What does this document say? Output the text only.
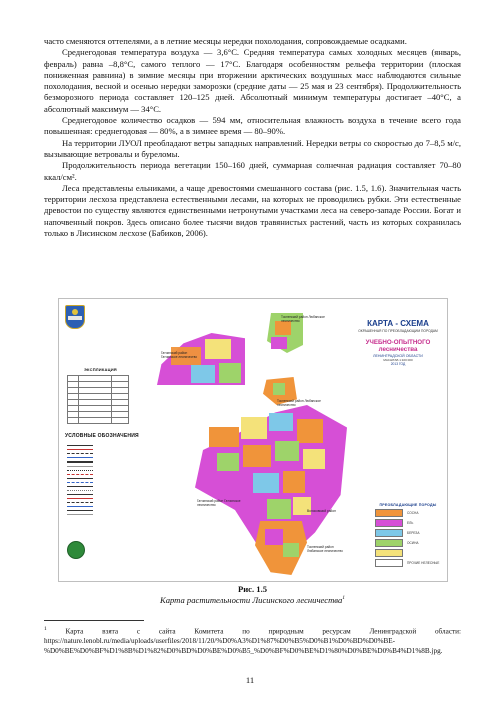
часто сменяются оттепелями, а в летние месяцы нередки похолодания, сопровождаемые осадками.

Среднегодовая температура воздуха — 3,6°С. Средняя температура самых холодных месяцев (январь, февраль) равна –8,8°С, самого теплого — 17°С. Благодаря особенностям рельефа территории (плоская пониженная равнина) в зимние месяцы при вторжении арктических воздушных масс наблюдаются сильные похолодания, весной и осенью нередки заморозки (средние даты — 25 мая и 23 сентября). Продолжительность безморозного периода составляет 120–125 дней. Абсолютный минимум температуры достигает –40°С, а абсолютный максимум — 34°С.

Среднегодовое количество осадков — 594 мм, относительная влажность воздуха в течение всего года повышенная: среднегодовая — 80%, а в зимнее время — 80–90%.

На территории ЛУОЛ преобладают ветры западных направлений. Нередки ветры со скоростью до 7–8,5 м/с, вызывающие ветровалы и буреломы.

Продолжительность периода вегетации 150–160 дней, суммарная солнечная радиация составляет 70–80 ккал/см².

Леса представлены ельниками, а чаще древостоями смешанного состава (рис. 1.5, 1.6). Значительная часть территории лесхоза представлена естественными лесами, на которых не проводились рубки. Эти естественные древостои по существу являются единственными нетронутыми участками леса на северо-западе России. Богат и напочвенный покров. Здесь описано более тысячи видов травянистых растений, часть из которых сохранилась только в Лисинском лесхозе (Бабиков, 2006).

ЭКСПЛИКАЦИЯ

УСЛОВНЫЕ ОБОЗНАЧЕНИЯ
Тосненский район Любанское лесничество
Гатчинский район Гатчинское лесничество
Гатчинский район Гатчинское лесничество
Тосненский район Любанское лесничество
Тосненский район Любанское лесничество
Волосовский район
КАРТА - СХЕМА
ОКРАШЕННАЯ ПО ПРЕОБЛАДАЮЩИМ ПОРОДАМ
УЧЕБНО-ОПЫТНОГО
лесничества
ЛЕНИНГРАДСКОЙ ОБЛАСТИ
МАСШТАБ 1:100 000
2013 ГОД
ПРЕОБЛАДАЮЩИЕ ПОРОДЫ
СОСНА
ЕЛЬ
БЕРЕЗА
ОСИНА
ПРОЧИЕ НЕЛЕСНЫЕ
Рис. 1.5
Карта растительности Лисинского лесничества$^1$
$^1$	Карта взята с сайта Комитета по природным ресурсам Ленинградской области: https://nature.lenobl.ru/media/uploads/userfiles/2018/11/20/%D0%A3%D1%87%D0%B5%D0%B1%D0%BD%D0%BE-%D0%BE%D0%BF%D1%8B%D1%82%D0%BD%D0%BE%D0%B5_%D0%BF%D0%BE%D1%80%D0%BE%D0%B4%D1%8B.jpg.
11
